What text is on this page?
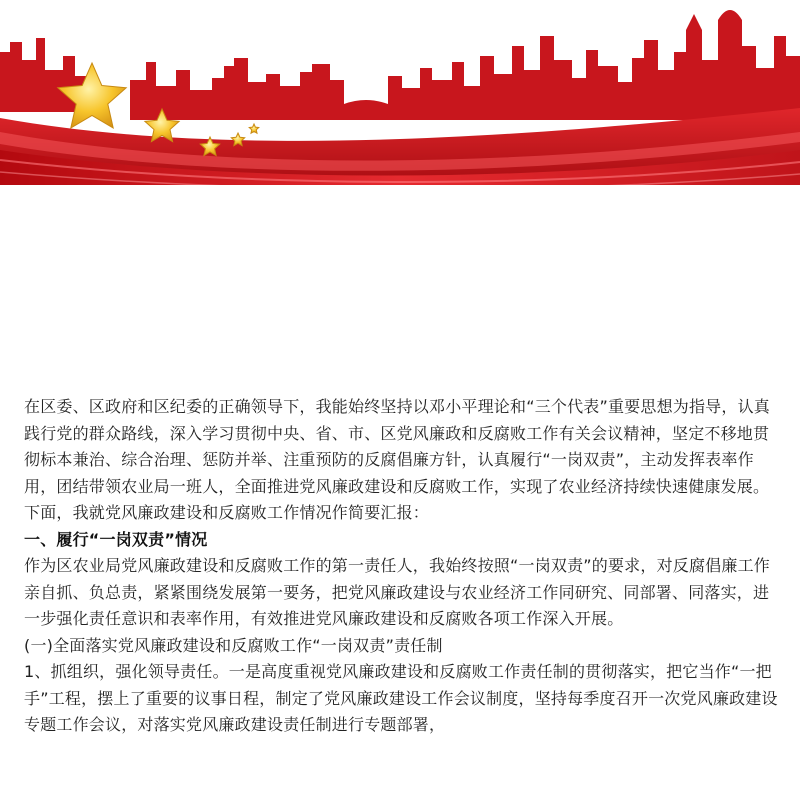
在区委、区政府和区纪委的正确领导下，我能始终坚持以邓小平理论和“三个代表”重要思想为指导，认真践行党的群众路线，深入学习贯彻中央、省、市、区党风廉政和反腐败工作有关会议精神，坚定不移地贯彻标本兼治、综合治理、惩防并举、注重预防的反腐倡廉方针，认真履行“一岗双责”，主动发挥表率作用，团结带领农业局一班人，全面推进党风廉政建设和反腐败工作，实现了农业经济持续快速健康发展。下面，我就党风廉政建设和反腐败工作情况作简要汇报：

一、履行“一岗双责”情况

作为区农业局党风廉政建设和反腐败工作的第一责任人，我始终按照“一岗双责”的要求，对反腐倡廉工作亲自抓、负总责，紧紧围绕发展第一要务，把党风廉政建设与农业经济工作同研究、同部署、同落实，进一步强化责任意识和表率作用，有效推进党风廉政建设和反腐败各项工作深入开展。

(一)全面落实党风廉政建设和反腐败工作“一岗双责”责任制

1、抓组织，强化领导责任。一是高度重视党风廉政建设和反腐败工作责任制的贯彻落实，把它当作“一把手”工程，摆上了重要的议事日程，制定了党风廉政建设工作会议制度，坚持每季度召开一次党风廉政建设专题工作会议，对落实党风廉政建设责任制进行专题部署，
